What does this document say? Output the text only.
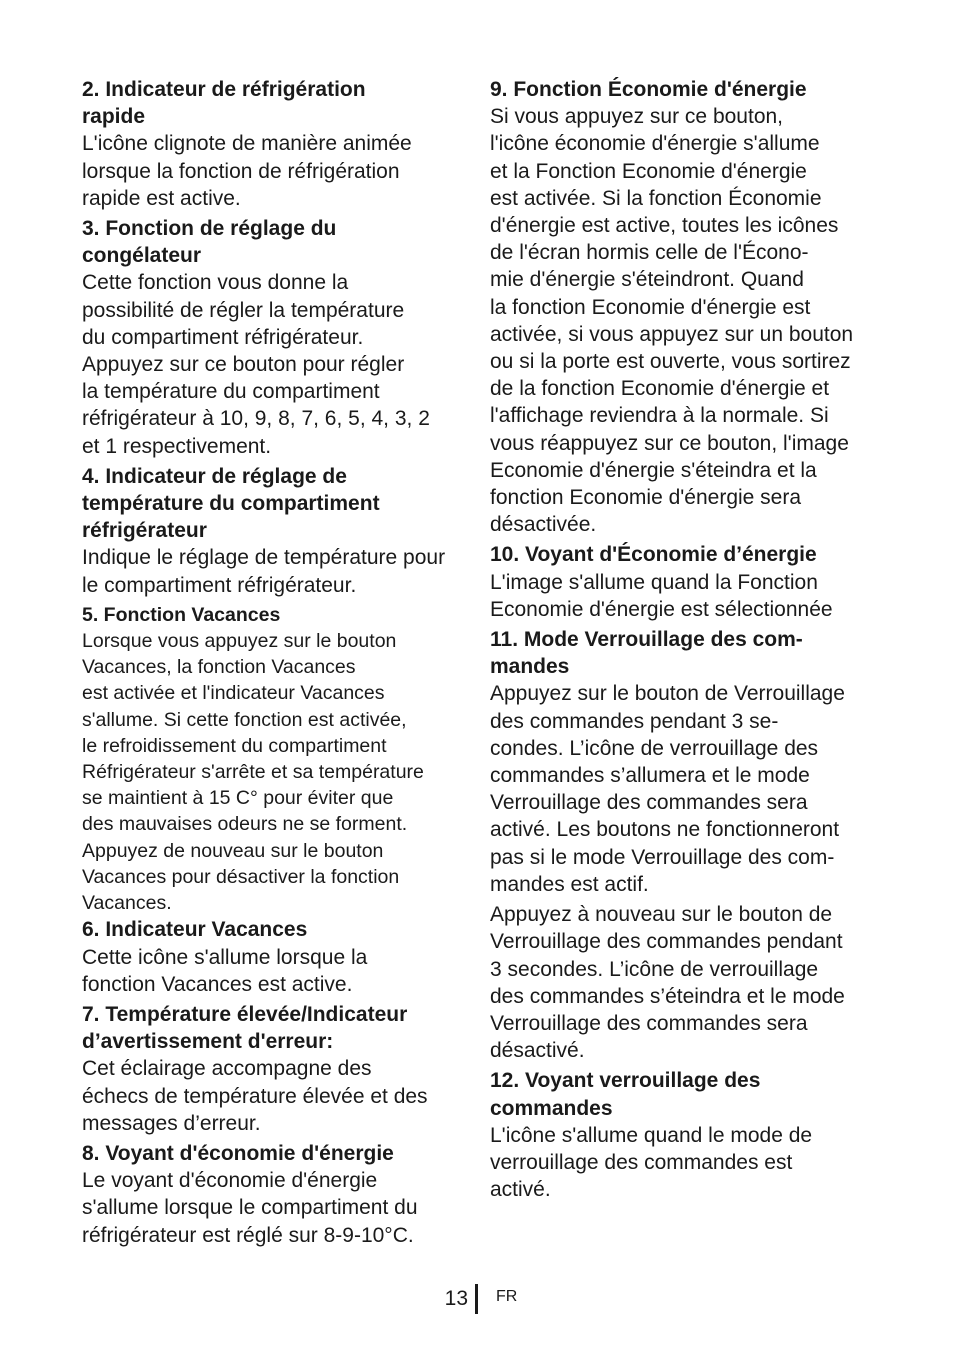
2. Indicateur de réfrigération
rapide
L'icône clignote de manière animée
lorsque la fonction de réfrigération
rapide est active.
3. Fonction de réglage du
congélateur
Cette fonction vous donne la
possibilité de régler la température
du compartiment réfrigérateur.
Appuyez sur ce bouton pour régler
la température du compartiment
réfrigérateur à 10, 9, 8, 7, 6, 5, 4, 3, 2
et 1 respectivement.
4. Indicateur de réglage de
température du compartiment
réfrigérateur
Indique le réglage de température pour
le compartiment réfrigérateur.
5. Fonction Vacances
Lorsque vous appuyez sur le bouton
Vacances, la fonction Vacances
est activée et l'indicateur Vacances
s'allume. Si cette fonction est activée,
le refroidissement du compartiment
Réfrigérateur s'arrête et sa température
se maintient à 15 C° pour éviter que
des mauvaises odeurs ne se forment.
Appuyez de nouveau sur le bouton
Vacances pour désactiver la fonction
Vacances.
6. Indicateur Vacances
Cette icône s'allume lorsque la
fonction Vacances est active.
7. Température élevée/Indicateur
d’avertissement d'erreur:
Cet éclairage accompagne des
échecs de température élevée et des
messages d’erreur.
8. Voyant d'économie d'énergie
Le voyant d'économie d'énergie
s'allume lorsque le compartiment du
réfrigérateur est réglé sur 8-9-10°C.
9. Fonction Économie d'énergie
Si vous appuyez sur ce bouton,
l'icône économie d'énergie s'allume
et la Fonction Economie d'énergie
est activée. Si la fonction Économie
d'énergie est active, toutes les icônes
de l'écran hormis celle de l'Écono-
mie d'énergie s'éteindront. Quand
la fonction Economie d'énergie est
activée, si vous appuyez sur un bouton
ou si la porte est ouverte, vous sortirez
de la fonction Economie d'énergie et
l'affichage reviendra à la normale. Si
vous réappuyez sur ce bouton, l'image
Economie d'énergie s'éteindra et la
fonction Economie d'énergie sera
désactivée.
10. Voyant d'Économie d’énergie
L'image s'allume quand la Fonction
Economie d'énergie est sélectionnée
11. Mode Verrouillage des com-
mandes
Appuyez sur le bouton de Verrouillage
des commandes pendant 3 se-
condes. L’icône de verrouillage des
commandes s’allumera et le mode
Verrouillage des commandes sera
activé. Les boutons ne fonctionneront
pas si le mode Verrouillage des com-
mandes est actif.
Appuyez à nouveau sur le bouton de
Verrouillage des commandes pendant
3 secondes. L’icône de verrouillage
des commandes s’éteindra et le mode
Verrouillage des commandes sera
désactivé.
12. Voyant verrouillage des
commandes
L'icône s'allume quand le mode de
verrouillage des commandes est
activé.
13 FR
